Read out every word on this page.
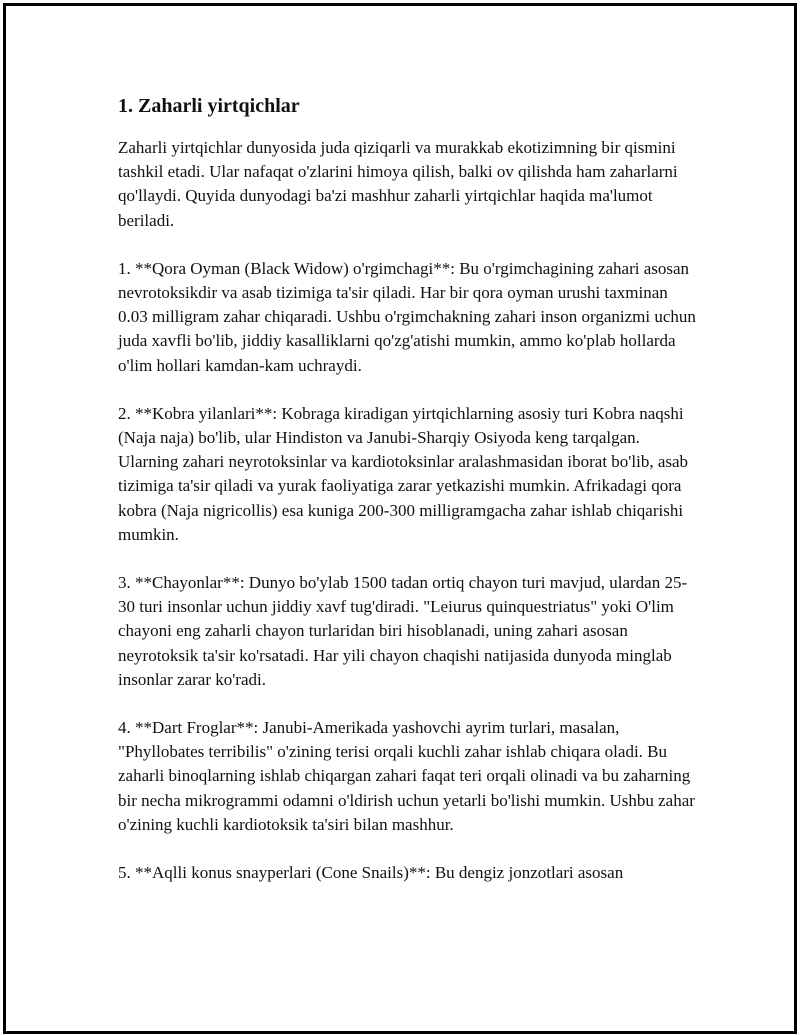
1. Zaharli yirtqichlar

Zaharli yirtqichlar dunyosida juda qiziqarli va murakkab ekotizimning bir qismini tashkil etadi. Ular nafaqat o'zlarini himoya qilish, balki ov qilishda ham zaharlarni qo'llaydi. Quyida dunyodagi ba'zi mashhur zaharli yirtqichlar haqida ma'lumot beriladi.

1. **Qora Oyman (Black Widow) o'rgimchagi**: Bu o'rgimchagining zahari asosan nevrotoksikdir va asab tizimiga ta'sir qiladi. Har bir qora oyman urushi taxminan 0.03 milligram zahar chiqaradi. Ushbu o'rgimchakning zahari inson organizmi uchun juda xavfli bo'lib, jiddiy kasalliklarni qo'zg'atishi mumkin, ammo ko'plab hollarda o'lim hollari kamdan-kam uchraydi.

2. **Kobra yilanlari**: Kobraga kiradigan yirtqichlarning asosiy turi Kobra naqshi (Naja naja) bo'lib, ular Hindiston va Janubi-Sharqiy Osiyoda keng tarqalgan. Ularning zahari neyrotoksinlar va kardiotoksinlar aralashmasidan iborat bo'lib, asab tizimiga ta'sir qiladi va yurak faoliyatiga zarar yetkazishi mumkin. Afrikadagi qora kobra (Naja nigricollis) esa kuniga 200-300 milligramgacha zahar ishlab chiqarishi mumkin.

3. **Chayonlar**: Dunyo bo'ylab 1500 tadan ortiq chayon turi mavjud, ulardan 25-30 turi insonlar uchun jiddiy xavf tug'diradi. "Leiurus quinquestriatus" yoki O'lim chayoni eng zaharli chayon turlaridan biri hisoblanadi, uning zahari asosan neyrotoksik ta'sir ko'rsatadi. Har yili chayon chaqishi natijasida dunyoda minglab insonlar zarar ko'radi.

4. **Dart Froglar**: Janubi-Amerikada yashovchi ayrim turlari, masalan, "Phyllobates terribilis" o'zining terisi orqali kuchli zahar ishlab chiqara oladi. Bu zaharli binoqlarning ishlab chiqargan zahari faqat teri orqali olinadi va bu zaharning bir necha mikrogrammi odamni o'ldirish uchun yetarli bo'lishi mumkin. Ushbu zahar o'zining kuchli kardiotoksik ta'siri bilan mashhur.

5. **Aqlli konus snayperlari (Cone Snails)**: Bu dengiz jonzotlari asosan
